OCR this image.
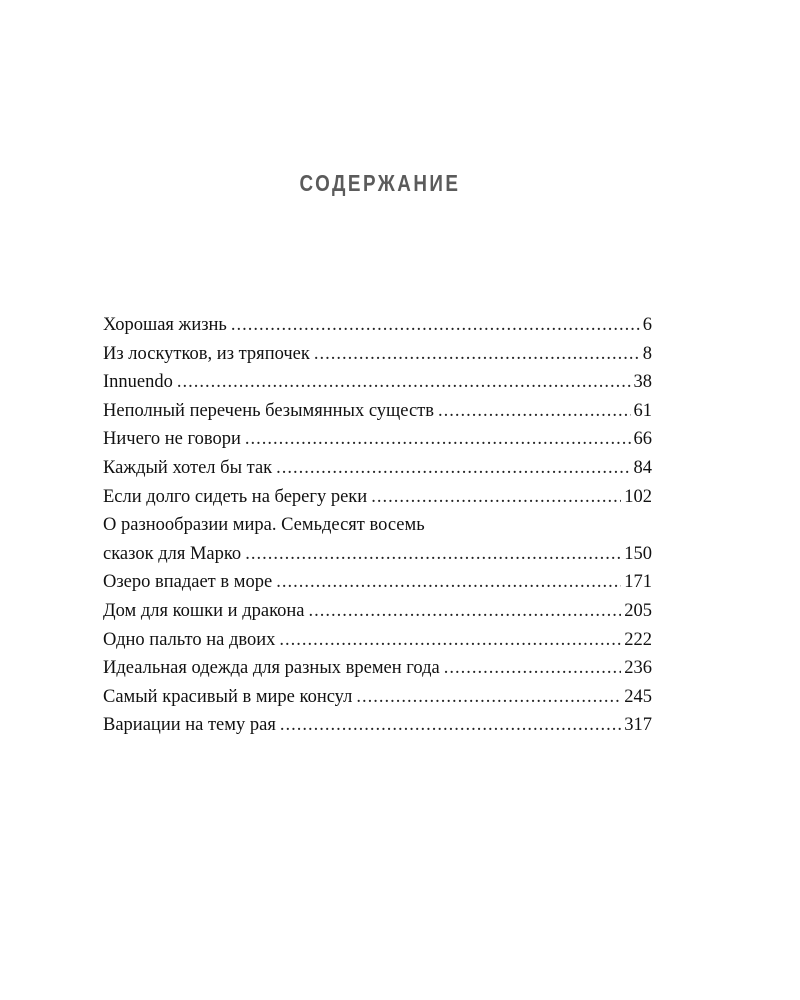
СОДЕРЖАНИЕ
Хорошая жизнь .....	6
Из лоскутков, из тряпочек .....	8
Innuendo .....	38
Неполный перечень безымянных существ .....	61
Ничего не говори .....	66
Каждый хотел бы так .....	84
Если долго сидеть на берегу реки .....	102
О разнообразии мира. Семьдесят восемь
сказок для Марко .....	150
Озеро впадает в море .....	171
Дом для кошки и дракона .....	205
Одно пальто на двоих .....	222
Идеальная одежда для разных времен года .....	236
Самый красивый в мире консул .....	245
Вариации на тему рая .....	317
